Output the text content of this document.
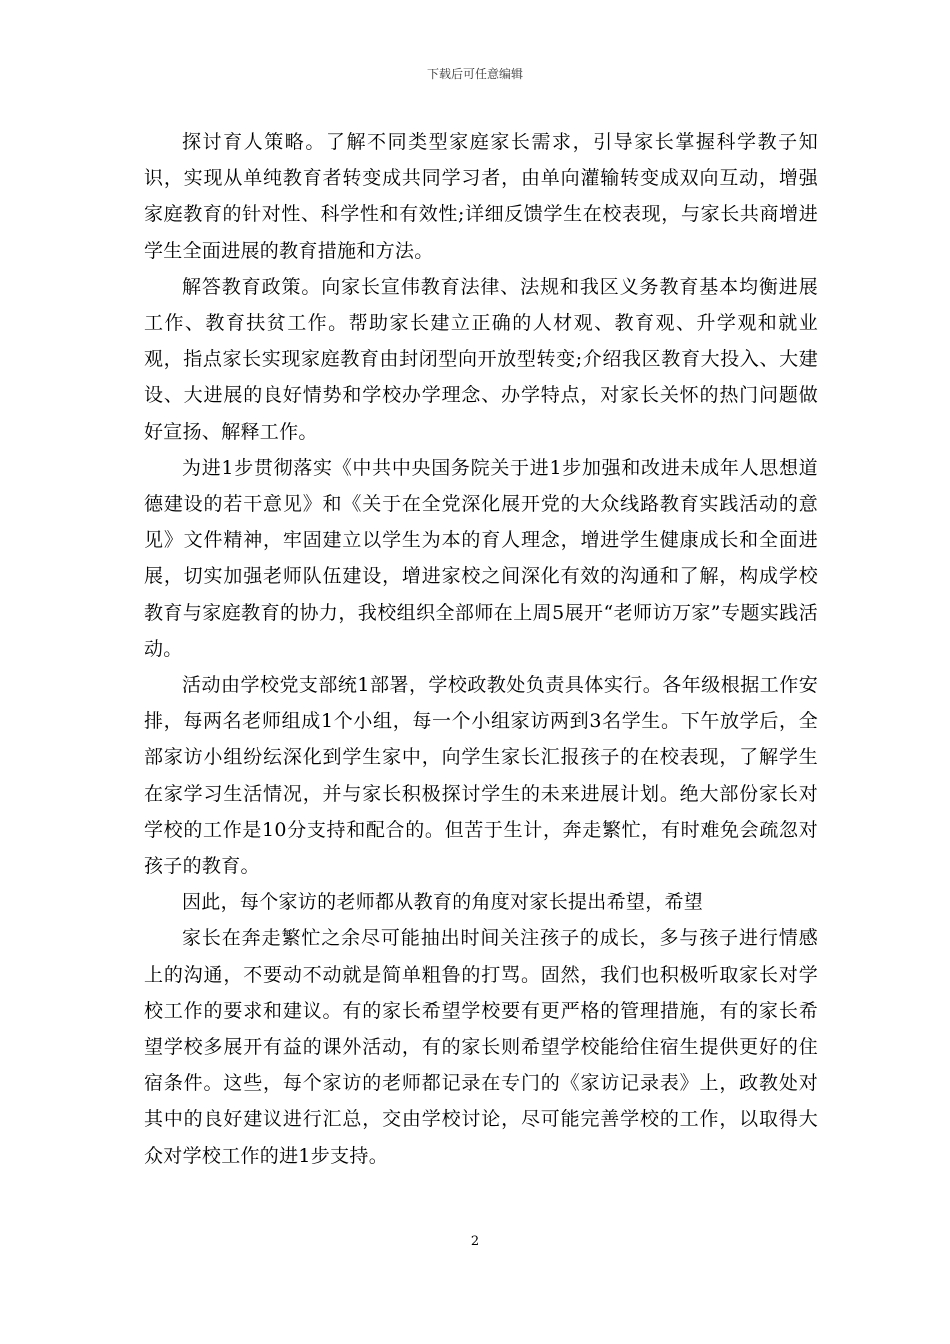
下载后可任意编辑

探讨育人策略。了解不同类型家庭家长需求，引导家长掌握科学教子知识，实现从单纯教育者转变成共同学习者，由单向灌输转变成双向互动，增强家庭教育的针对性、科学性和有效性;详细反馈学生在校表现，与家长共商增进学生全面进展的教育措施和方法。

解答教育政策。向家长宣伟教育法律、法规和我区义务教育基本均衡进展工作、教育扶贫工作。帮助家长建立正确的人材观、教育观、升学观和就业观，指点家长实现家庭教育由封闭型向开放型转变;介绍我区教育大投入、大建设、大进展的良好情势和学校办学理念、办学特点，对家长关怀的热门问题做好宣扬、解释工作。

为进1步贯彻落实《中共中央国务院关于进1步加强和改进未成年人思想道德建设的若干意见》和《关于在全党深化展开党的大众线路教育实践活动的意见》文件精神，牢固建立以学生为本的育人理念，增进学生健康成长和全面进展，切实加强老师队伍建设，增进家校之间深化有效的沟通和了解，构成学校教育与家庭教育的协力，我校组织全部师在上周5展开“老师访万家”专题实践活动。

活动由学校党支部统1部署，学校政教处负责具体实行。各年级根据工作安排，每两名老师组成1个小组，每一个小组家访两到3名学生。下午放学后，全部家访小组纷纭深化到学生家中，向学生家长汇报孩子的在校表现，了解学生在家学习生活情况，并与家长积极探讨学生的未来进展计划。绝大部份家长对学校的工作是10分支持和配合的。但苦于生计，奔走繁忙，有时难免会疏忽对孩子的教育。

因此，每个家访的老师都从教育的角度对家长提出希望，希望

家长在奔走繁忙之余尽可能抽出时间关注孩子的成长，多与孩子进行情感上的沟通，不要动不动就是简单粗鲁的打骂。固然，我们也积极听取家长对学校工作的要求和建议。有的家长希望学校要有更严格的管理措施，有的家长希望学校多展开有益的课外活动，有的家长则希望学校能给住宿生提供更好的住宿条件。这些，每个家访的老师都记录在专门的《家访记录表》上，政教处对其中的良好建议进行汇总，交由学校讨论，尽可能完善学校的工作，以取得大众对学校工作的进1步支持。

2
